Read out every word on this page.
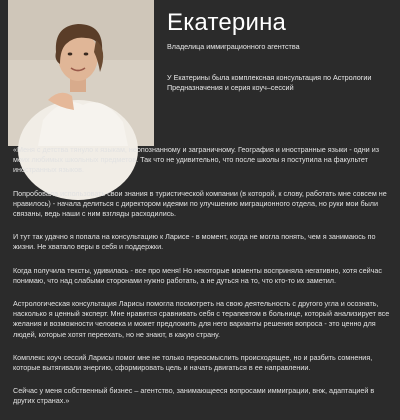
Екатерина
Владелица иммиграционного агентства
У Екатерины была комплексная консультация по Астрологии Предназначения и серия коуч–сессий

«Меня с детства тянуло к языкам, неопознанному и заграничному. География и иностранные языки - одни из моих любимых школьных предметов. Так что не удивительно, что после школы я поступила на факультет иностранных языков.

Попробовала использовать свои знания в туристической компании (в которой, к слову, работать мне совсем не нравилось) - начала делиться с директором идеями по улучшению миграционного отдела, но руки мои были связаны, ведь наши с ним взгляды расходились.

И тут так удачно я попала на консультацию к Ларисе - в момент, когда не могла понять, чем я занимаюсь по жизни. Не хватало веры в себя и поддержки.

Когда получила тексты, удивилась - все про меня! Но некоторые моменты восприняла негативно, хотя сейчас понимаю, что над слабыми сторонами нужно работать, а не дуться на то, что кто-то их заметил.

Астрологическая консультация Ларисы помогла посмотреть на свою деятельность с другого угла и осознать, насколько я ценный эксперт. Мне нравится сравнивать себя с терапевтом в больнице, который анализирует все желания и возможности человека и может предложить для него варианты решения вопроса - это ценно для людей, которые хотят переехать, но не знают, в какую страну.

Комплекс коуч сессий Ларисы помог мне не только переосмыслить происходящее, но и разбить сомнения, которые вытягивали энергию, сформировать цель и начать двигаться в ее направлении.

Сейчас у меня собственный бизнес – агентство, занимающееся вопросами иммиграции, внж, адаптацией в других странах.»
